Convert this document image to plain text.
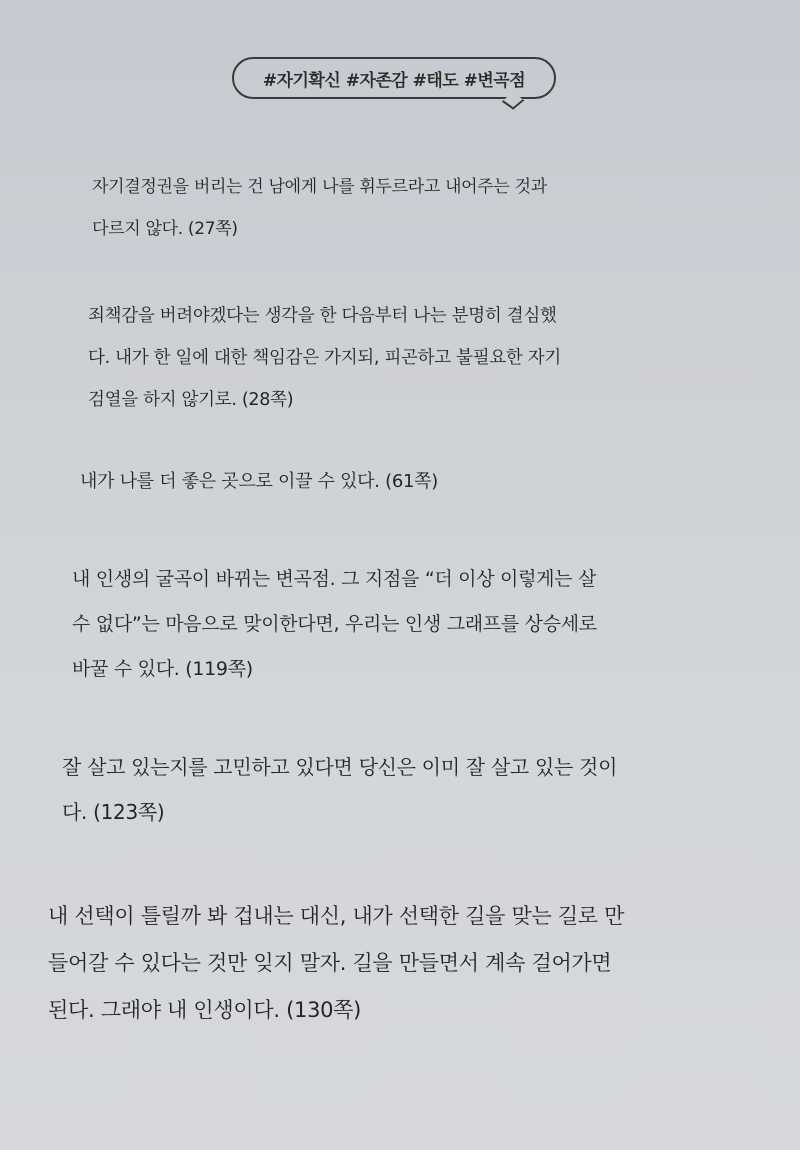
#자기확신 #자존감 #태도 #변곡점

자기결정권을 버리는 건 남에게 나를 휘두르라고 내어주는 것과
다르지 않다. (27쪽)

죄책감을 버려야겠다는 생각을 한 다음부터 나는 분명히 결심했
다. 내가 한 일에 대한 책임감은 가지되, 피곤하고 불필요한 자기
검열을 하지 않기로. (28쪽)

내가 나를 더 좋은 곳으로 이끌 수 있다. (61쪽)

내 인생의 굴곡이 바뀌는 변곡점. 그 지점을 “더 이상 이렇게는 살
수 없다”는 마음으로 맞이한다면, 우리는 인생 그래프를 상승세로
바꿀 수 있다. (119쪽)

잘 살고 있는지를 고민하고 있다면 당신은 이미 잘 살고 있는 것이
다. (123쪽)

내 선택이 틀릴까 봐 겁내는 대신, 내가 선택한 길을 맞는 길로 만
들어갈 수 있다는 것만 잊지 말자. 길을 만들면서 계속 걸어가면
된다. 그래야 내 인생이다. (130쪽)
